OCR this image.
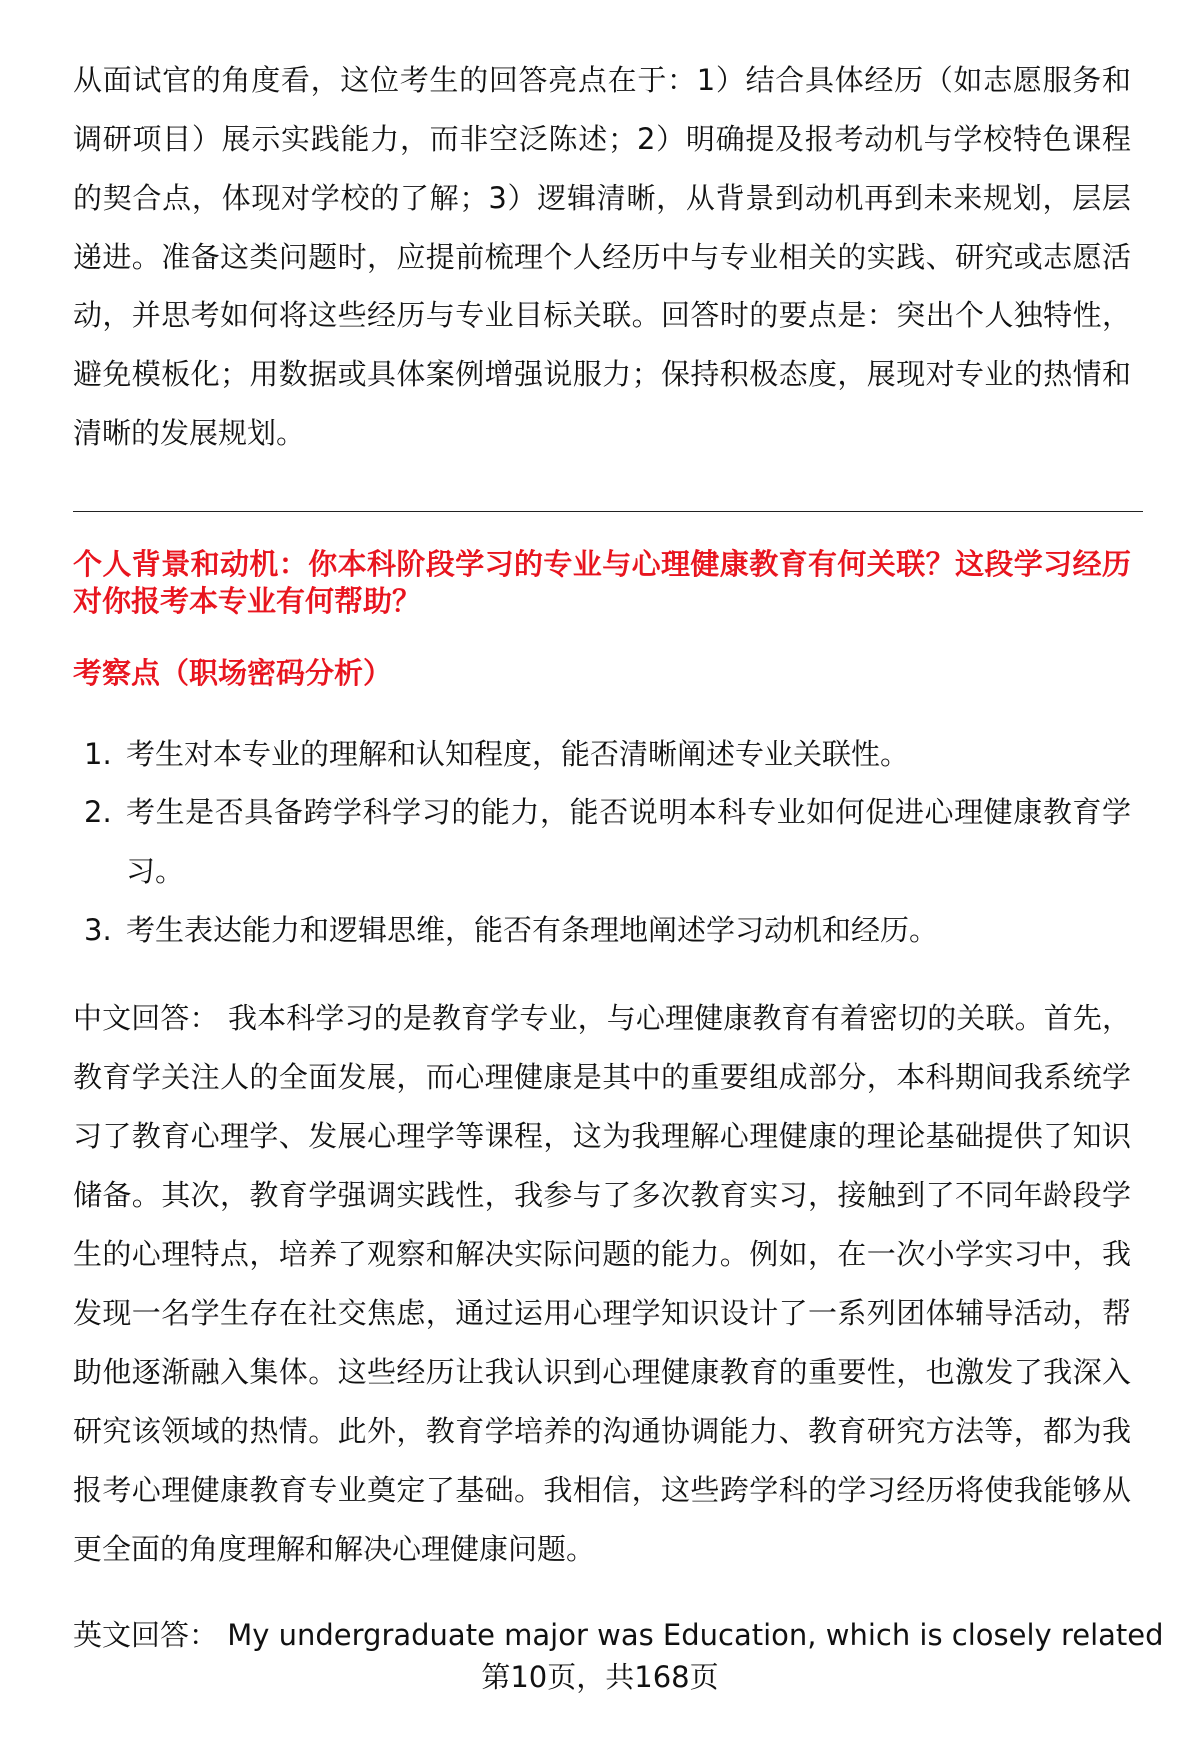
从面试官的角度看，这位考生的回答亮点在于：1）结合具体经历（如志愿服务和
调研项目）展示实践能力，而非空泛陈述；2）明确提及报考动机与学校特色课程
的契合点，体现对学校的了解；3）逻辑清晰，从背景到动机再到未来规划，层层
递进。准备这类问题时，应提前梳理个人经历中与专业相关的实践、研究或志愿活
动，并思考如何将这些经历与专业目标关联。回答时的要点是：突出个人独特性，
避免模板化；用数据或具体案例增强说服力；保持积极态度，展现对专业的热情和
清晰的发展规划。
个人背景和动机：你本科阶段学习的专业与心理健康教育有何关联？这段学习经历
对你报考本专业有何帮助？
考察点（职场密码分析）
1. 考生对本专业的理解和认知程度，能否清晰阐述专业关联性。
2. 考生是否具备跨学科学习的能力，能否说明本科专业如何促进心理健康教育学
习。
3. 考生表达能力和逻辑思维，能否有条理地阐述学习动机和经历。
中文回答： 我本科学习的是教育学专业，与心理健康教育有着密切的关联。首先，
教育学关注人的全面发展，而心理健康是其中的重要组成部分，本科期间我系统学
习了教育心理学、发展心理学等课程，这为我理解心理健康的理论基础提供了知识
储备。其次，教育学强调实践性，我参与了多次教育实习，接触到了不同年龄段学
生的心理特点，培养了观察和解决实际问题的能力。例如，在一次小学实习中，我
发现一名学生存在社交焦虑，通过运用心理学知识设计了一系列团体辅导活动，帮
助他逐渐融入集体。这些经历让我认识到心理健康教育的重要性，也激发了我深入
研究该领域的热情。此外，教育学培养的沟通协调能力、教育研究方法等，都为我
报考心理健康教育专业奠定了基础。我相信，这些跨学科的学习经历将使我能够从
更全面的角度理解和解决心理健康问题。
英文回答： My undergraduate major was Education, which is closely related
第10页，共168页
